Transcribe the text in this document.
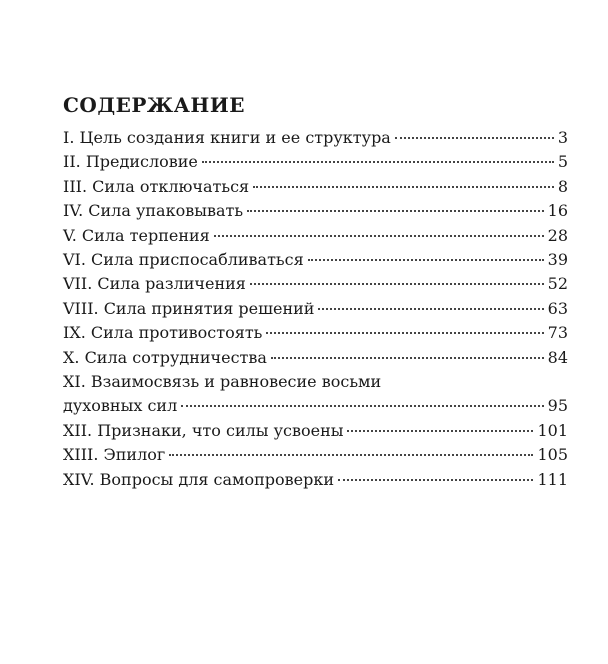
СОДЕРЖАНИЕ
I. Цель создания книги и ее структура	3
II. Предисловие	5
III. Сила отключаться	8
IV. Сила упаковывать	16
V. Сила терпения	28
VI. Сила приспосабливаться	39
VII. Сила различения	52
VIII. Сила принятия решений	63
IX. Сила противостоять	73
X. Сила сотрудничества	84
XI. Взаимосвязь и равновесие восьми
духовных сил	95
XII. Признаки, что силы усвоены	101
XIII. Эпилог	105
XIV. Вопросы для самопроверки	111
